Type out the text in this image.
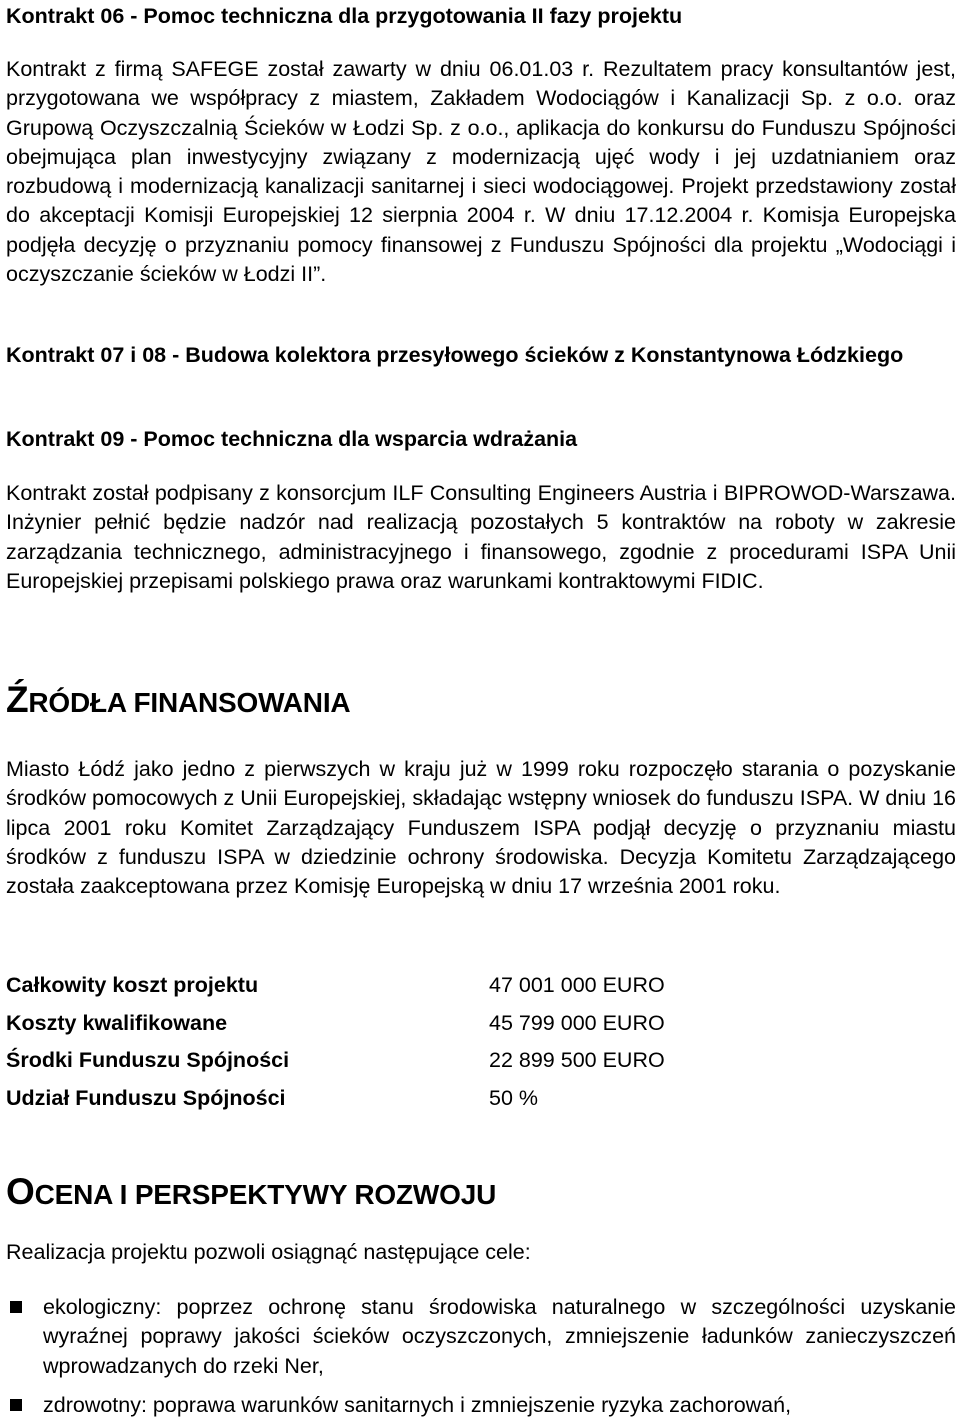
Kontrakt 06 - Pomoc techniczna dla przygotowania II fazy projektu

Kontrakt z firmą SAFEGE został zawarty w dniu 06.01.03 r. Rezultatem pracy konsultantów jest, przygotowana we współpracy z miastem, Zakładem Wodociągów i Kanalizacji Sp. z o.o. oraz Grupową Oczyszczalnią Ścieków w Łodzi Sp. z o.o., aplikacja do konkursu do Funduszu Spójności obejmująca plan inwestycyjny związany z modernizacją ujęć wody i jej uzdatnianiem oraz rozbudową i modernizacją kanalizacji sanitarnej i sieci wodociągowej. Projekt przedstawiony został do akceptacji Komisji Europejskiej 12 sierpnia 2004 r. W dniu 17.12.2004 r. Komisja Europejska podjęła decyzję o przyznaniu pomocy finansowej z Funduszu Spójności dla projektu „Wodociągi i oczyszczanie ścieków w Łodzi II”.

Kontrakt 07 i 08 - Budowa kolektora przesyłowego ścieków z Konstantynowa Łódzkiego

Kontrakt 09 - Pomoc techniczna dla wsparcia wdrażania

Kontrakt został podpisany z konsorcjum ILF Consulting Engineers Austria i BIPROWOD-Warszawa. Inżynier pełnić będzie nadzór nad realizacją pozostałych 5 kontraktów na roboty w zakresie zarządzania technicznego, administracyjnego i finansowego, zgodnie z procedurami ISPA Unii Europejskiej przepisami polskiego prawa oraz warunkami kontraktowymi FIDIC.

ŹRÓDŁA FINANSOWANIA

Miasto Łódź jako jedno z pierwszych w kraju już w 1999 roku rozpoczęło starania o pozyskanie środków pomocowych z Unii Europejskiej, składając wstępny wniosek do funduszu ISPA. W dniu 16 lipca 2001 roku Komitet Zarządzający Funduszem ISPA podjął decyzję o przyznaniu miastu środków z funduszu ISPA w dziedzinie ochrony środowiska. Decyzja Komitetu Zarządzającego została zaakceptowana przez Komisję Europejską w dniu 17 września 2001 roku.

Całkowity koszt projektu	47 001 000 EURO
Koszty kwalifikowane	45 799 000 EURO
Środki Funduszu Spójności	22 899 500 EURO
Udział Funduszu Spójności	50 %
OCENA I PERSPEKTYWY ROZWOJU

Realizacja projektu pozwoli osiągnąć następujące cele:

ekologiczny: poprzez ochronę stanu środowiska naturalnego w szczególności uzyskanie wyraźnej poprawy jakości ścieków oczyszczonych, zmniejszenie ładunków zanieczyszczeń wprowadzanych do rzeki Ner,
zdrowotny: poprawa warunków sanitarnych i zmniejszenie ryzyka zachorowań,
